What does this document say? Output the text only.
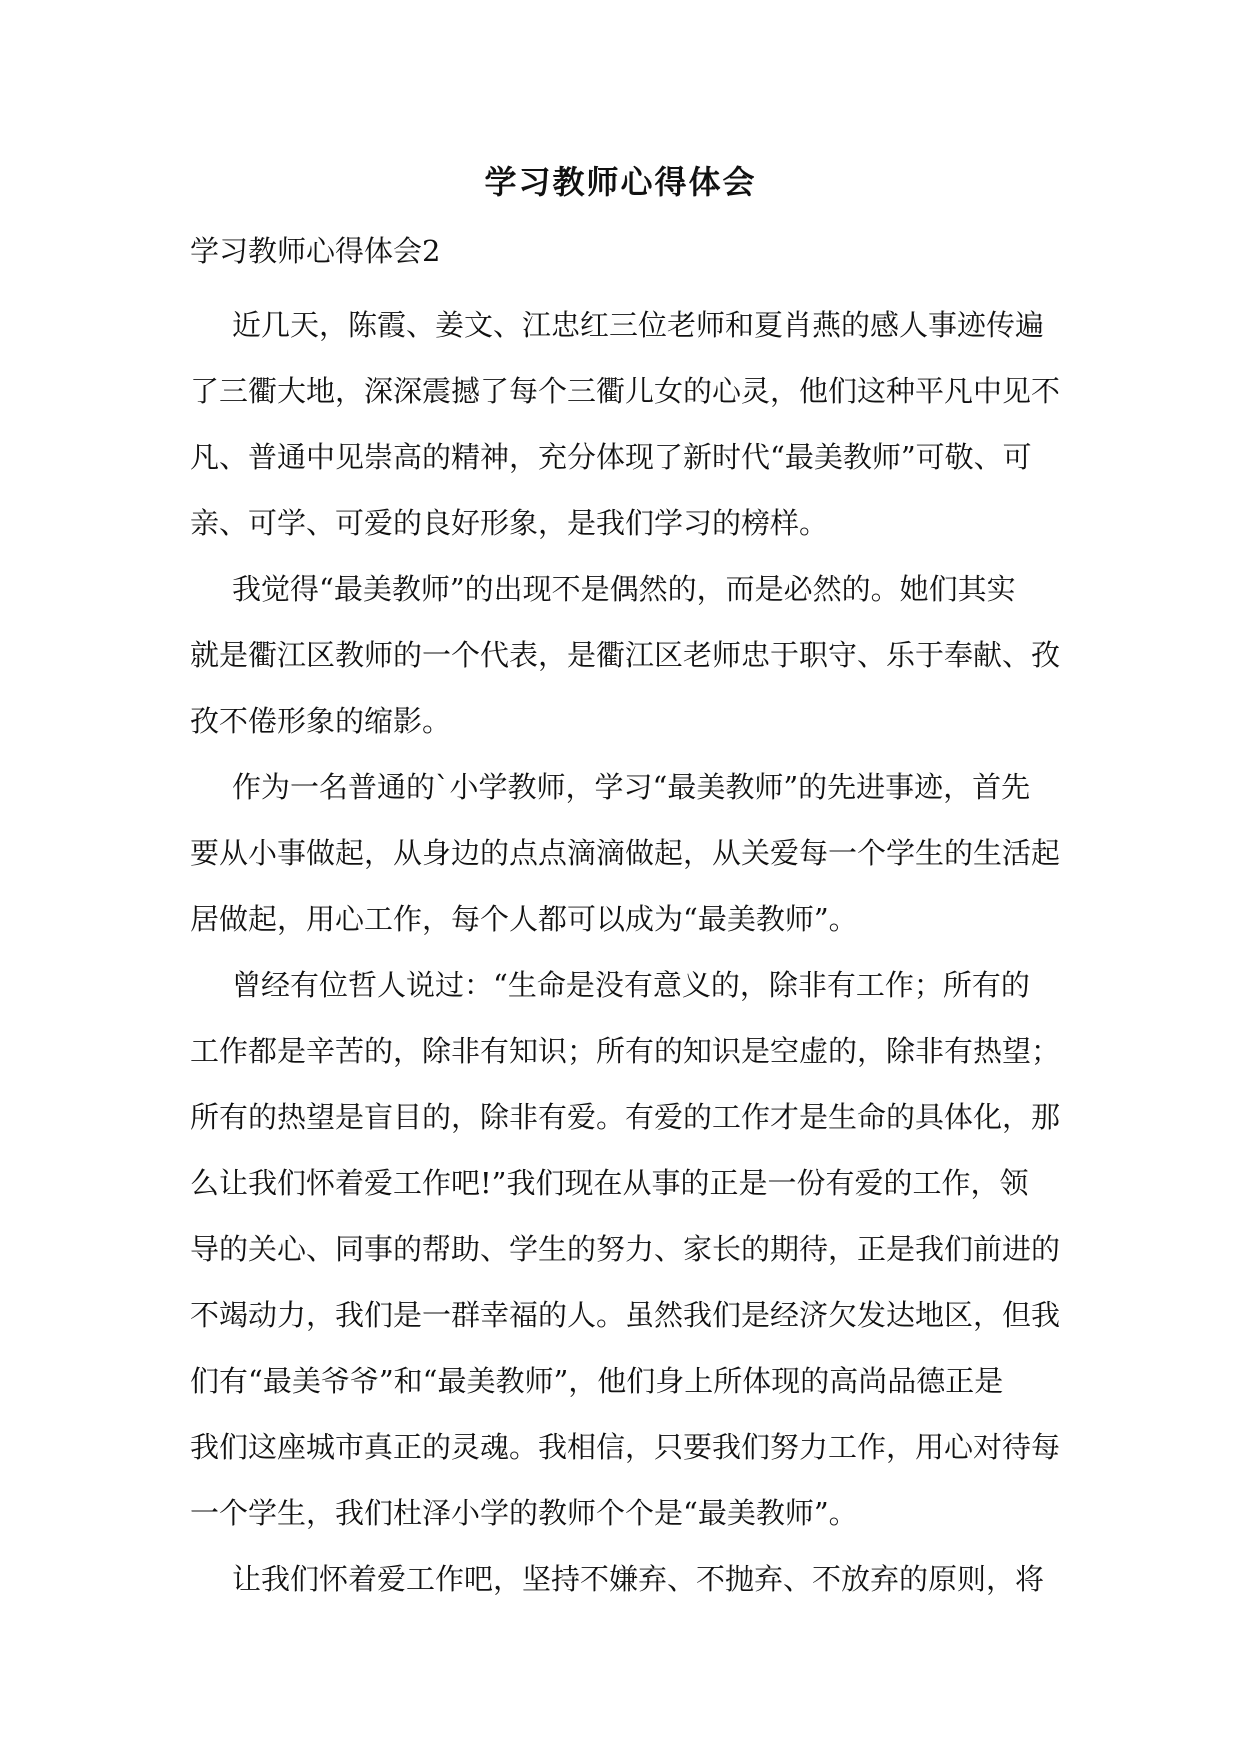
学习教师心得体会
学习教师心得体会2

近几天，陈霞、姜文、江忠红三位老师和夏肖燕的感人事迹传遍
了三衢大地，深深震撼了每个三衢儿女的心灵，他们这种平凡中见不
凡、普通中见崇高的精神，充分体现了新时代“最美教师”可敬、可
亲、可学、可爱的良好形象，是我们学习的榜样。

我觉得“最美教师”的出现不是偶然的，而是必然的。她们其实
就是衢江区教师的一个代表，是衢江区老师忠于职守、乐于奉献、孜
孜不倦形象的缩影。

作为一名普通的`小学教师，学习“最美教师”的先进事迹，首先
要从小事做起，从身边的点点滴滴做起，从关爱每一个学生的生活起
居做起，用心工作，每个人都可以成为“最美教师”。

曾经有位哲人说过：“生命是没有意义的，除非有工作；所有的
工作都是辛苦的，除非有知识；所有的知识是空虚的，除非有热望；
所有的热望是盲目的，除非有爱。有爱的工作才是生命的具体化，那
么让我们怀着爱工作吧!”我们现在从事的正是一份有爱的工作，领
导的关心、同事的帮助、学生的努力、家长的期待，正是我们前进的
不竭动力，我们是一群幸福的人。虽然我们是经济欠发达地区，但我
们有“最美爷爷”和“最美教师”，他们身上所体现的高尚品德正是
我们这座城市真正的灵魂。我相信，只要我们努力工作，用心对待每
一个学生，我们杜泽小学的教师个个是“最美教师”。

让我们怀着爱工作吧，坚持不嫌弃、不抛弃、不放弃的原则，将
